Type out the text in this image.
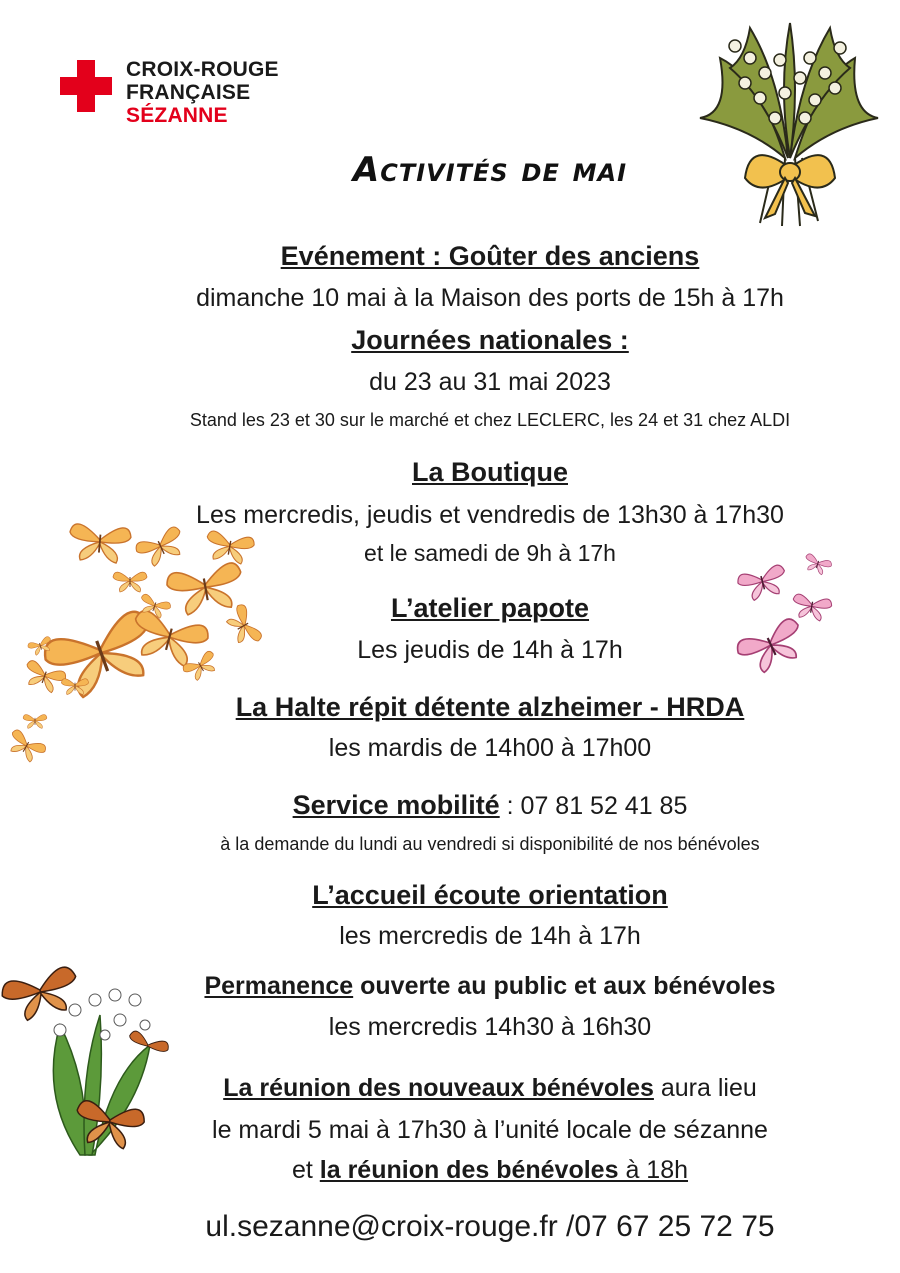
CROIX-ROUGE
FRANÇAISE
SÉZANNE
Activités de mai
Evénement : Goûter des anciens
dimanche 10 mai à la Maison des ports de 15h à 17h
Journées nationales :
du 23 au 31 mai 2023
Stand les 23 et 30 sur le marché et chez LECLERC, les 24 et 31 chez ALDI
La Boutique
Les mercredis, jeudis et vendredis de 13h30 à 17h30
et le samedi de 9h à 17h
L’atelier papote
Les jeudis de 14h à 17h
La Halte répit détente alzheimer - HRDA
les mardis de 14h00 à 17h00
Service mobilité : 07 81 52 41 85
à la demande du lundi au vendredi si disponibilité de nos bénévoles
L’accueil écoute orientation
les mercredis de 14h à 17h
Permanence ouverte au public et aux bénévoles
les mercredis 14h30 à 16h30
La réunion des nouveaux bénévoles aura lieu
le mardi 5 mai à 17h30 à l’unité locale de sézanne
et la réunion des bénévoles à 18h
ul.sezanne@croix-rouge.fr /07 67 25 72 75
